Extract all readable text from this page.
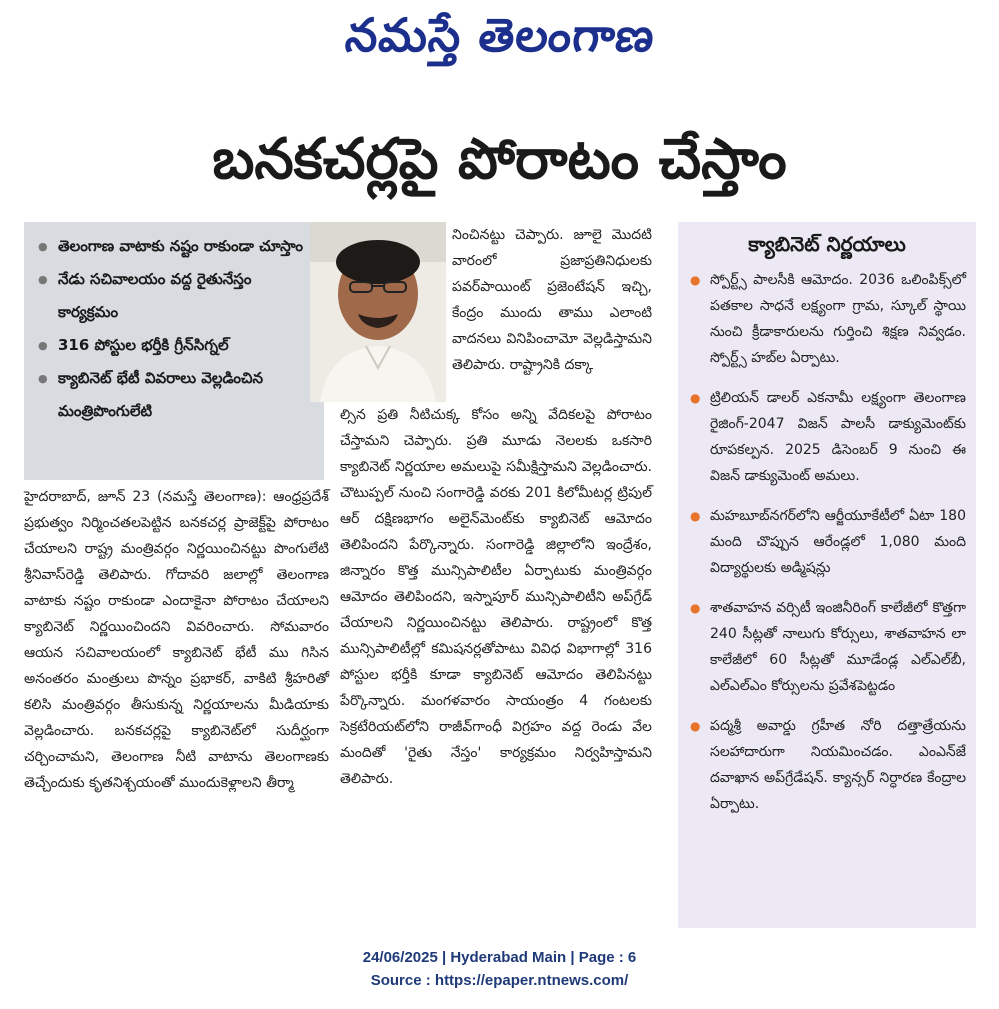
నమస్తే తెలంగాణ
బనకచర్లపై పోరాటం చేస్తాం
● తెలంగాణ వాటాకు నష్టం రాకుండా చూస్తాం
● నేడు సచివాలయం వద్ద రైతునేస్తం కార్యక్రమం
● 316 పోస్టుల భర్తీకి గ్రీన్‌సిగ్నల్
● క్యాబినెట్ భేటీ వివరాలు వెల్లడించిన మంత్రిపొంగులేటి
నించినట్టు చెప్పారు. జూలై మొదటి వారంలో ప్రజాప్రతినిధులకు పవర్‌పాయింట్ ప్రజెంటేషన్ ఇచ్చి, కేంద్రం ముందు తాము ఎలాంటి వాదనలు వినిపించామో వెల్లడిస్తామని తెలిపారు. రాష్ట్రానికి దక్కా
ల్సిన ప్రతి నీటిచుక్క కోసం అన్ని వేదికలపై పోరాటం చేస్తామని చెప్పారు. ప్రతి మూడు నెలలకు ఒకసారి క్యాబినెట్ నిర్ణయాల అమలుపై సమీక్షిస్తామని వెల్లడించారు. చౌటుప్పల్ నుంచి సంగారెడ్డి వరకు 201 కిలోమీటర్ల ట్రిపుల్ ఆర్ దక్షిణభాగం అలైన్‌మెంట్‌కు క్యాబినెట్ ఆమోదం తెలిపిందని పేర్కొన్నారు. సంగారెడ్డి జిల్లాలోని ఇంద్రేశం, జిన్నారం కొత్త మున్సిపాలిటీల ఏర్పాటుకు మంత్రివర్గం ఆమోదం తెలిపిందని, ఇస్నాపూర్ మున్సిపాలిటీని అప్‌గ్రేడ్ చేయాలని నిర్ణయించినట్టు తెలిపారు. రాష్ట్రంలో కొత్త మున్సిపాలిటీల్లో కమిషనర్లతోపాటు వివిధ విభాగాల్లో 316 పోస్టుల భర్తీకి కూడా క్యాబినెట్ ఆమోదం తెలిపినట్టు పేర్కొన్నారు. మంగళవారం సాయంత్రం 4 గంటలకు సెక్రటేరియట్‌లోని రాజీవ్‌గాంధీ విగ్రహం వద్ద రెండు వేల మందితో 'రైతు నేస్తం' కార్యక్రమం నిర్వహిస్తామని తెలిపారు.
హైదరాబాద్, జూన్ 23 (నమస్తే తెలంగాణ): ఆంధ్రప్రదేశ్ ప్రభుత్వం నిర్మించతలపెట్టిన బనకచర్ల ప్రాజెక్ట్‌పై పోరాటం చేయాలని రాష్ట్ర మంత్రివర్గం నిర్ణయించినట్టు పొంగులేటి శ్రీనివాస్‌రెడ్డి తెలిపారు. గోదావరి జలాల్లో తెలంగాణ వాటాకు నష్టం రాకుండా ఎందాకైనా పోరాటం చేయాలని క్యాబినెట్ నిర్ణయించిందని వివరించారు. సోమవారం ఆయన సచివాలయంలో క్యాబినెట్ భేటీ ము గిసిన అనంతరం మంత్రులు పొన్నం ప్రభాకర్, వాకిటి శ్రీహరితో కలిసి మంత్రివర్గం తీసుకున్న నిర్ణయాలను మీడియాకు వెల్లడించారు. బనకచర్లపై క్యాబినెట్‌లో సుదీర్ఘంగా చర్చించామని, తెలంగాణ నీటి వాటాను తెలంగాణకు తెచ్చేందుకు కృతనిశ్చయంతో ముందుకెళ్లాలని తీర్మా
క్యాబినెట్ నిర్ణయాలు
● స్పోర్ట్స్ పాలసీకి ఆమోదం. 2036 ఒలింపిక్స్‌లో పతకాల సాధనే లక్ష్యంగా గ్రామ, స్కూల్ స్థాయి నుంచి క్రీడాకారులను గుర్తించి శిక్షణ నివ్వడం. స్పోర్ట్స్ హబ్‌ల ఏర్పాటు.
● ట్రిలియన్ డాలర్ ఎకనామీ లక్ష్యంగా తెలంగాణ రైజింగ్-2047 విజన్ పాలసీ డాక్యుమెంట్‌కు రూపకల్పన. 2025 డిసెంబర్ 9 నుంచి ఈ విజన్ డాక్యుమెంట్ అమలు.
● మహబూబ్‌నగర్‌లోని ఆర్జీయూకేటీలో ఏటా 180 మంది చొప్పున ఆరేండ్లలో 1,080 మంది విద్యార్థులకు అడ్మిషన్లు
● శాతవాహన వర్సిటీ ఇంజినీరింగ్ కాలేజీలో కొత్తగా 240 సీట్లతో నాలుగు కోర్సులు, శాతవాహన లా కాలేజీలో 60 సీట్లతో మూడేండ్ల ఎల్‌ఎల్‌బీ, ఎల్‌ఎల్‌ఎం కోర్సులను ప్రవేశపెట్టడం
● పద్మశ్రీ అవార్డు గ్రహీత నోరి దత్తాత్రేయను సలహాదారుగా నియమించడం. ఎంఎన్‌జే దవాఖాన అప్‌గ్రేడేషన్. క్యాన్సర్ నిర్ధారణ కేంద్రాల ఏర్పాటు.
24/06/2025 | Hyderabad Main | Page : 6
Source : https://epaper.ntnews.com/
